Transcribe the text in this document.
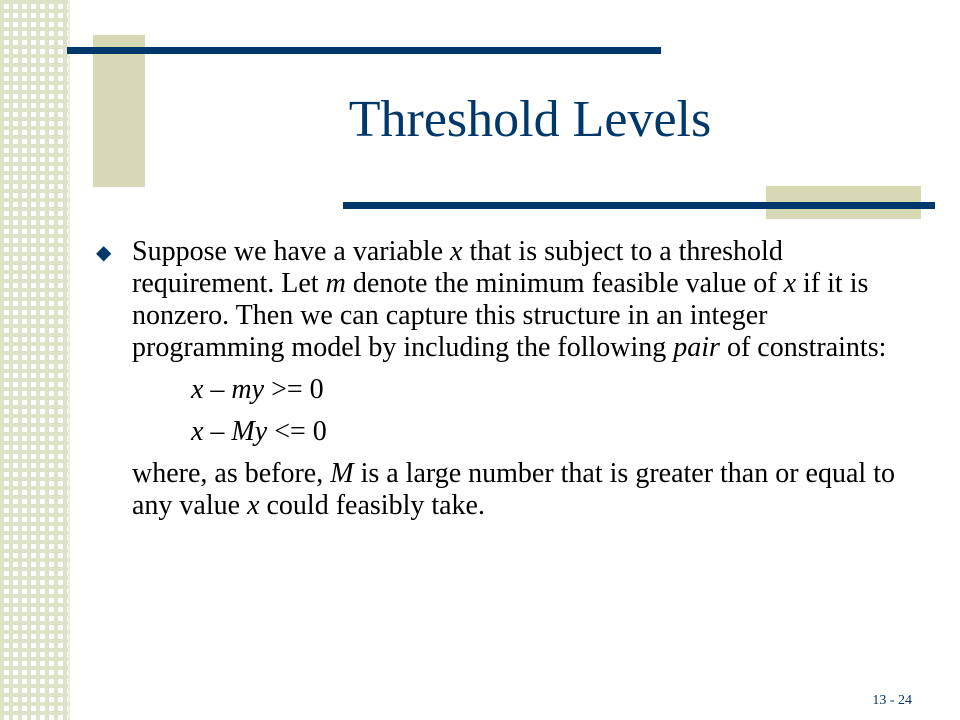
Threshold Levels
◆ Suppose we have a variable x that is subject to a threshold requirement. Let m denote the minimum feasible value of x if it is nonzero. Then we can capture this structure in an integer programming model by including the following pair of constraints:
x – my >= 0
x – My <= 0
where, as before, M is a large number that is greater than or equal to any value x could feasibly take.
13 - 24
